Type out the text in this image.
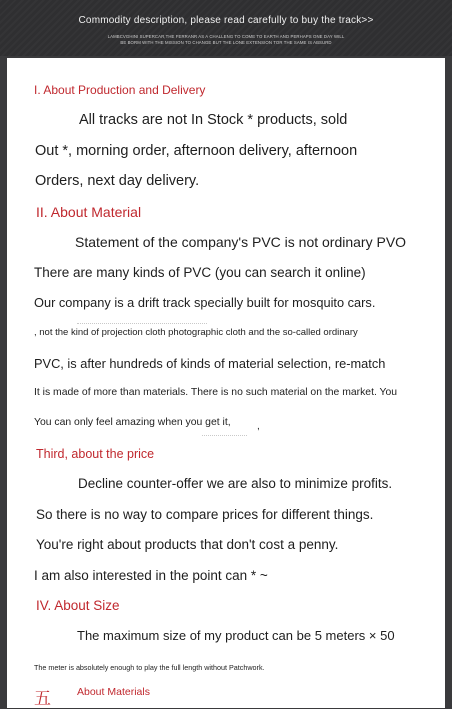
Commodity description, please read carefully to buy the track>>
LAMBCVGHINI SUPERCAR,THE FERRANR AS A CHALLENG TO COME TO EARTH AND PERHAPS ONE DAY WILL
BE BORM WITH THE MISSION TO CHANGE BUT THE LONE EXTENSION TOR THE SAME IS ABSURD
I. About Production and Delivery
All tracks are not In Stock * products, sold
Out *, morning order, afternoon delivery, afternoon
Orders, next day delivery.
II. About Material
Statement of the company's PVC is not ordinary PVO
There are many kinds of PVC (you can search it online)
Our company is a drift track specially built for mosquito cars.
, not the kind of projection cloth photographic cloth and the so-called ordinary
PVC, is after hundreds of kinds of material selection, re-match
It is made of more than materials. There is no such material on the market. You
You can only feel amazing when you get it,	,
Third, about the price
Decline counter-offer we are also to minimize profits.
So there is no way to compare prices for different things.
You're right about products that don't cost a penny.
I am also interested in the point can * ~
IV. About Size
The maximum size of my product can be 5 meters × 50
The meter is absolutely enough to play the full length without Patchwork.
五 About Materials
